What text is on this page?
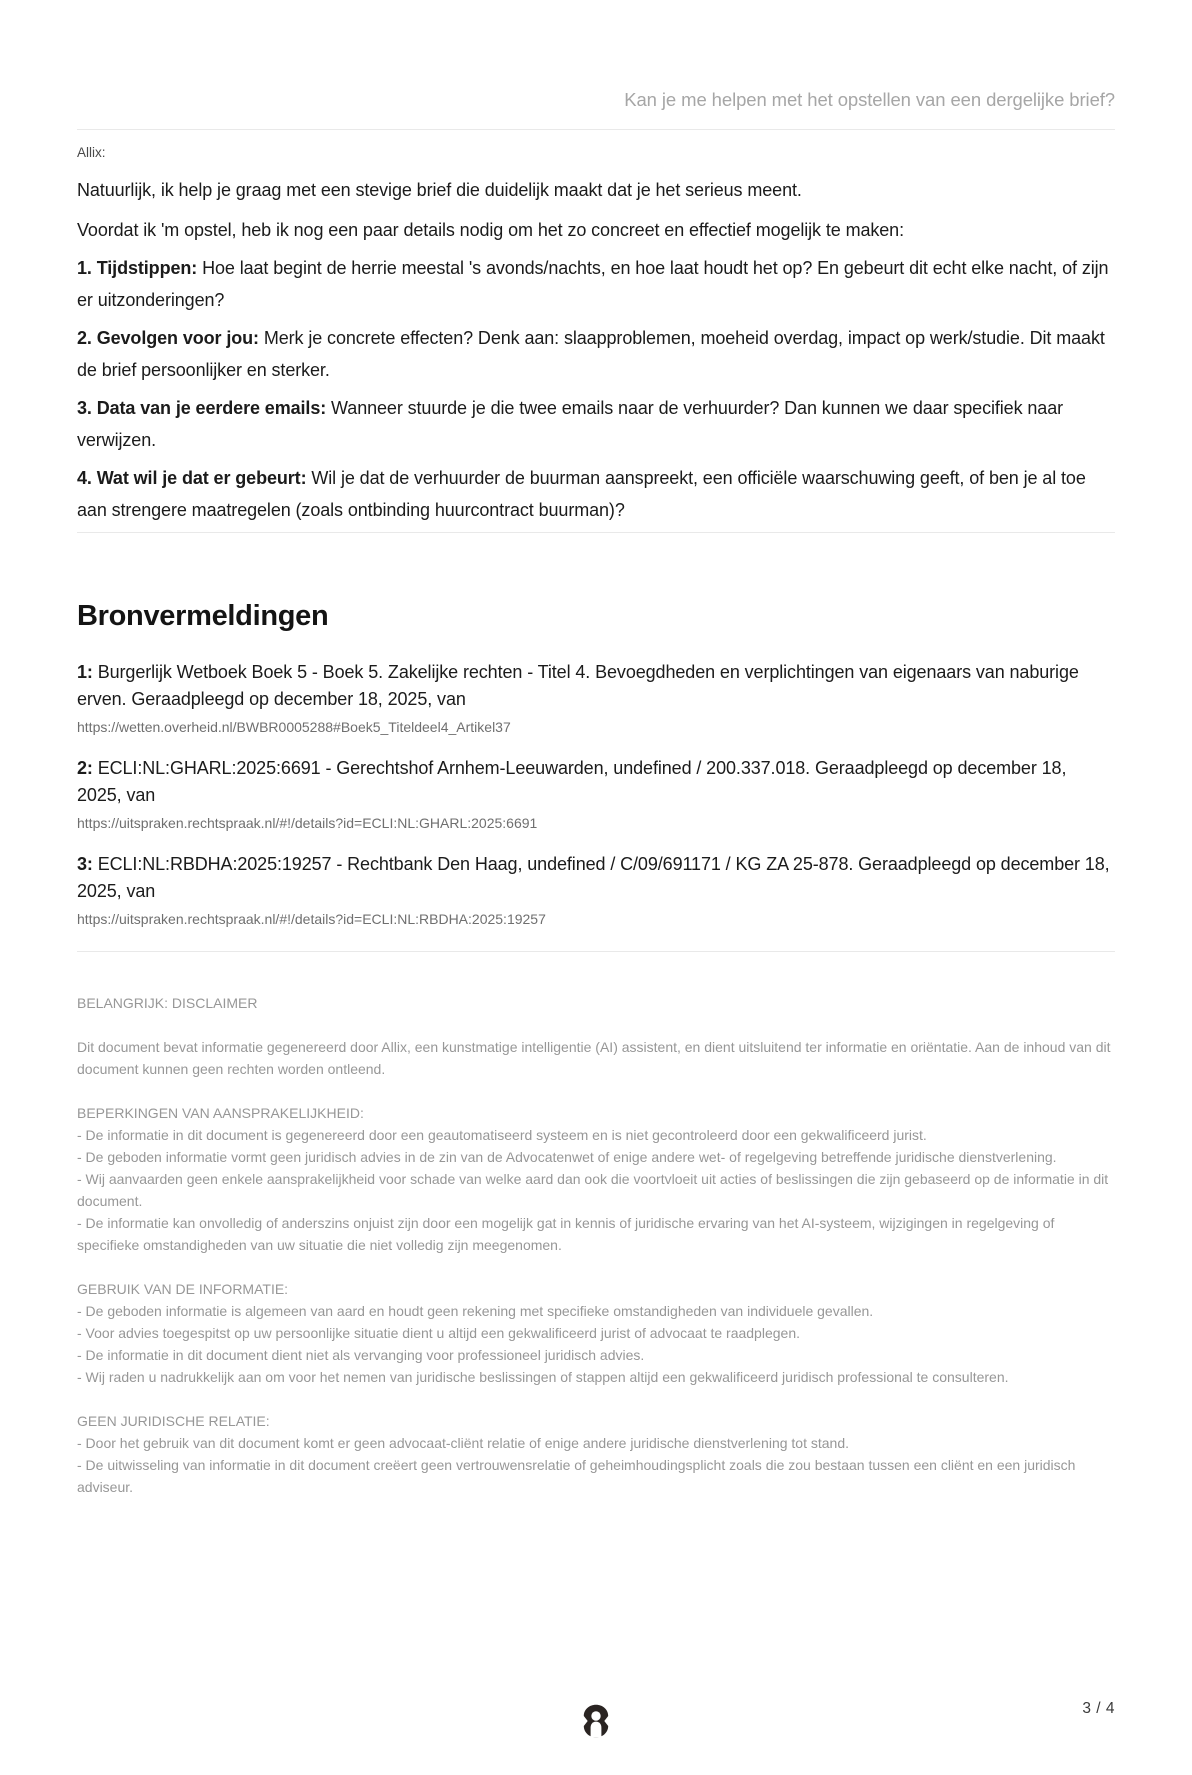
Kan je me helpen met het opstellen van een dergelijke brief?
Allix:

Natuurlijk, ik help je graag met een stevige brief die duidelijk maakt dat je het serieus meent.

Voordat ik 'm opstel, heb ik nog een paar details nodig om het zo concreet en effectief mogelijk te maken:

1. Tijdstippen: Hoe laat begint de herrie meestal 's avonds/nachts, en hoe laat houdt het op? En gebeurt dit echt elke nacht, of zijn er uitzonderingen?

2. Gevolgen voor jou: Merk je concrete effecten? Denk aan: slaapproblemen, moeheid overdag, impact op werk/studie. Dit maakt de brief persoonlijker en sterker.

3. Data van je eerdere emails: Wanneer stuurde je die twee emails naar de verhuurder? Dan kunnen we daar specifiek naar verwijzen.

4. Wat wil je dat er gebeurt: Wil je dat de verhuurder de buurman aanspreekt, een officiële waarschuwing geeft, of ben je al toe aan strengere maatregelen (zoals ontbinding huurcontract buurman)?

Bronvermeldingen
1: Burgerlijk Wetboek Boek 5 - Boek 5. Zakelijke rechten - Titel 4. Bevoegdheden en verplichtingen van eigenaars van naburige erven. Geraadpleegd op december 18, 2025, van
https://wetten.overheid.nl/BWBR0005288#Boek5_Titeldeel4_Artikel37
2: ECLI:NL:GHARL:2025:6691 - Gerechtshof Arnhem-Leeuwarden, undefined / 200.337.018. Geraadpleegd op december 18, 2025, van
https://uitspraken.rechtspraak.nl/#!/details?id=ECLI:NL:GHARL:2025:6691
3: ECLI:NL:RBDHA:2025:19257 - Rechtbank Den Haag, undefined / C/09/691171 / KG ZA 25-878. Geraadpleegd op december 18, 2025, van
https://uitspraken.rechtspraak.nl/#!/details?id=ECLI:NL:RBDHA:2025:19257
BELANGRIJK: DISCLAIMER
Dit document bevat informatie gegenereerd door Allix, een kunstmatige intelligentie (AI) assistent, en dient uitsluitend ter informatie en oriëntatie. Aan de inhoud van dit document kunnen geen rechten worden ontleend.
BEPERKINGEN VAN AANSPRAKELIJKHEID:
- De informatie in dit document is gegenereerd door een geautomatiseerd systeem en is niet gecontroleerd door een gekwalificeerd jurist.
- De geboden informatie vormt geen juridisch advies in de zin van de Advocatenwet of enige andere wet- of regelgeving betreffende juridische dienstverlening.
- Wij aanvaarden geen enkele aansprakelijkheid voor schade van welke aard dan ook die voortvloeit uit acties of beslissingen die zijn gebaseerd op de informatie in dit document.
- De informatie kan onvolledig of anderszins onjuist zijn door een mogelijk gat in kennis of juridische ervaring van het AI-systeem, wijzigingen in regelgeving of specifieke omstandigheden van uw situatie die niet volledig zijn meegenomen.
GEBRUIK VAN DE INFORMATIE:
- De geboden informatie is algemeen van aard en houdt geen rekening met specifieke omstandigheden van individuele gevallen.
- Voor advies toegespitst op uw persoonlijke situatie dient u altijd een gekwalificeerd jurist of advocaat te raadplegen.
- De informatie in dit document dient niet als vervanging voor professioneel juridisch advies.
- Wij raden u nadrukkelijk aan om voor het nemen van juridische beslissingen of stappen altijd een gekwalificeerd juridisch professional te consulteren.
GEEN JURIDISCHE RELATIE:
- Door het gebruik van dit document komt er geen advocaat-cliënt relatie of enige andere juridische dienstverlening tot stand.
- De uitwisseling van informatie in dit document creëert geen vertrouwensrelatie of geheimhoudingsplicht zoals die zou bestaan tussen een cliënt en een juridisch adviseur.
3 / 4
